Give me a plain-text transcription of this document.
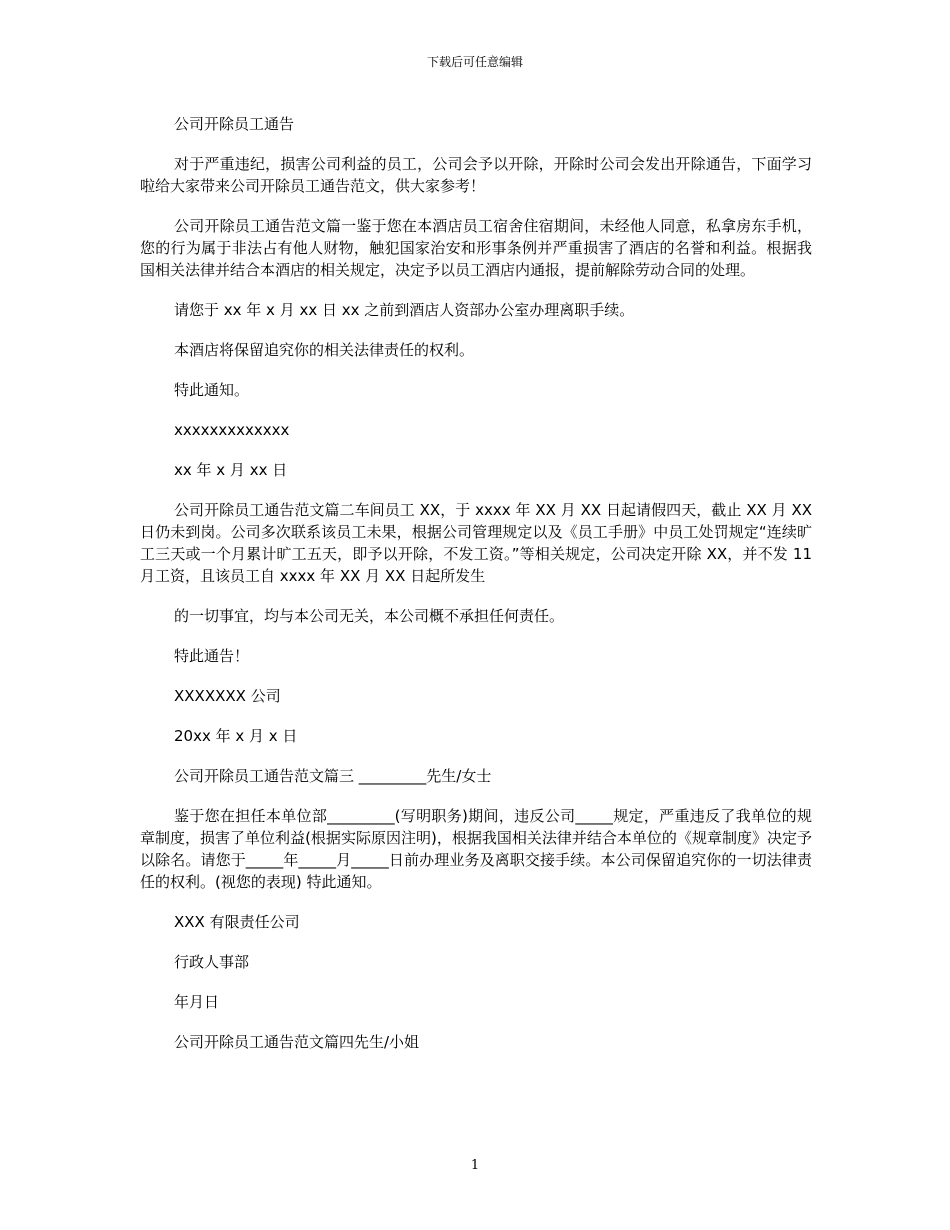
下载后可任意编辑

公司开除员工通告

对于严重违纪，损害公司利益的员工，公司会予以开除，开除时公司会发出开除通告，下面学习啦给大家带来公司开除员工通告范文，供大家参考！

公司开除员工通告范文篇一鉴于您在本酒店员工宿舍住宿期间，未经他人同意，私拿房东手机，您的行为属于非法占有他人财物，触犯国家治安和形事条例并严重损害了酒店的名誉和利益。根据我国相关法律并结合本酒店的相关规定，决定予以员工酒店内通报，提前解除劳动合同的处理。

请您于 xx 年 x 月 xx 日 xx 之前到酒店人资部办公室办理离职手续。

本酒店将保留追究你的相关法律责任的权利。

特此通知。

xxxxxxxxxxxxx

xx 年 x 月 xx 日

公司开除员工通告范文篇二车间员工 XX，于 xxxx 年 XX 月 XX 日起请假四天，截止 XX 月 XX 日仍未到岗。公司多次联系该员工未果，根据公司管理规定以及《员工手册》中员工处罚规定“连续旷工三天或一个月累计旷工五天，即予以开除，不发工资。”等相关规定，公司决定开除 XX，并不发 11 月工资，且该员工自 xxxx 年 XX 月 XX 日起所发生

的一切事宜，均与本公司无关，本公司概不承担任何责任。

特此通告！

XXXXXXX 公司

20xx 年 x 月 x 日

公司开除员工通告范文篇三 _________先生/女士

鉴于您在担任本单位部_________(写明职务)期间，违反公司_____规定，严重违反了我单位的规章制度，损害了单位利益(根据实际原因注明)，根据我国相关法律并结合本单位的《规章制度》决定予以除名。请您于_____年_____月_____日前办理业务及离职交接手续。本公司保留追究你的一切法律责任的权利。(视您的表现) 特此通知。

XXX 有限责任公司

行政人事部

年月日

公司开除员工通告范文篇四先生/小姐

1
